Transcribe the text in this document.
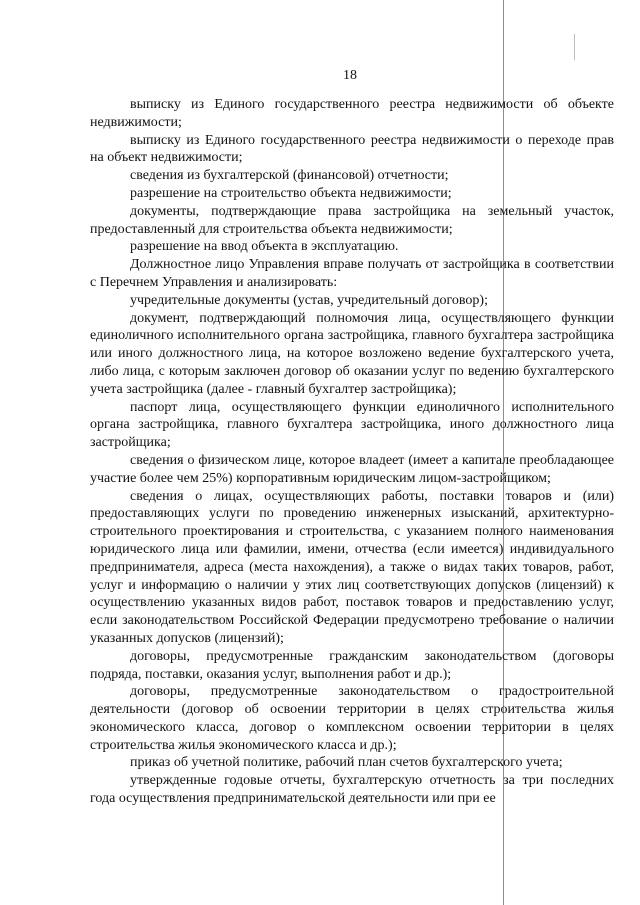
18

выписку из Единого государственного реестра недвижимости об объекте недвижимости;

выписку из Единого государственного реестра недвижимости о переходе прав на объект недвижимости;

сведения из бухгалтерской (финансовой) отчетности;

разрешение на строительство объекта недвижимости;

документы, подтверждающие права застройщика на земельный участок, предоставленный для строительства объекта недвижимости;

разрешение на ввод объекта в эксплуатацию.

Должностное лицо Управления вправе получать от застройщика в соответствии с Перечнем Управления и анализировать:

учредительные документы (устав, учредительный договор);

документ, подтверждающий полномочия лица, осуществляющего функции единоличного исполнительного органа застройщика, главного бухгалтера застройщика или иного должностного лица, на которое возложено ведение бухгалтерского учета, либо лица, с которым заключен договор об оказании услуг по ведению бухгалтерского учета застройщика (далее - главный бухгалтер застройщика);

паспорт лица, осуществляющего функции единоличного исполнительного органа застройщика, главного бухгалтера застройщика, иного должностного лица застройщика;

сведения о физическом лице, которое владеет (имеет а капитале преобладающее участие более чем 25%) корпоративным юридическим лицом-застройщиком;

сведения о лицах, осуществляющих работы, поставки товаров и (или) предоставляющих услуги по проведению инженерных изысканий, архитектурно-строительного проектирования и строительства, с указанием полного наименования юридического лица или фамилии, имени, отчества (если имеется) индивидуального предпринимателя, адреса (места нахождения), а также о видах таких товаров, работ, услуг и информацию о наличии у этих лиц соответствующих допусков (лицензий) к осуществлению указанных видов работ, поставок товаров и предоставлению услуг, если законодательством Российской Федерации предусмотрено требование о наличии указанных допусков (лицензий);

договоры, предусмотренные гражданским законодательством (договоры подряда, поставки, оказания услуг, выполнения работ и др.);

договоры, предусмотренные законодательством о градостроительной деятельности (договор об освоении территории в целях строительства жилья экономического класса, договор о комплексном освоении территории в целях строительства жилья экономического класса и др.);

приказ об учетной политике, рабочий план счетов бухгалтерского учета;

утвержденные годовые отчеты, бухгалтерскую отчетность за три последних года осуществления предпринимательской деятельности или при ее
